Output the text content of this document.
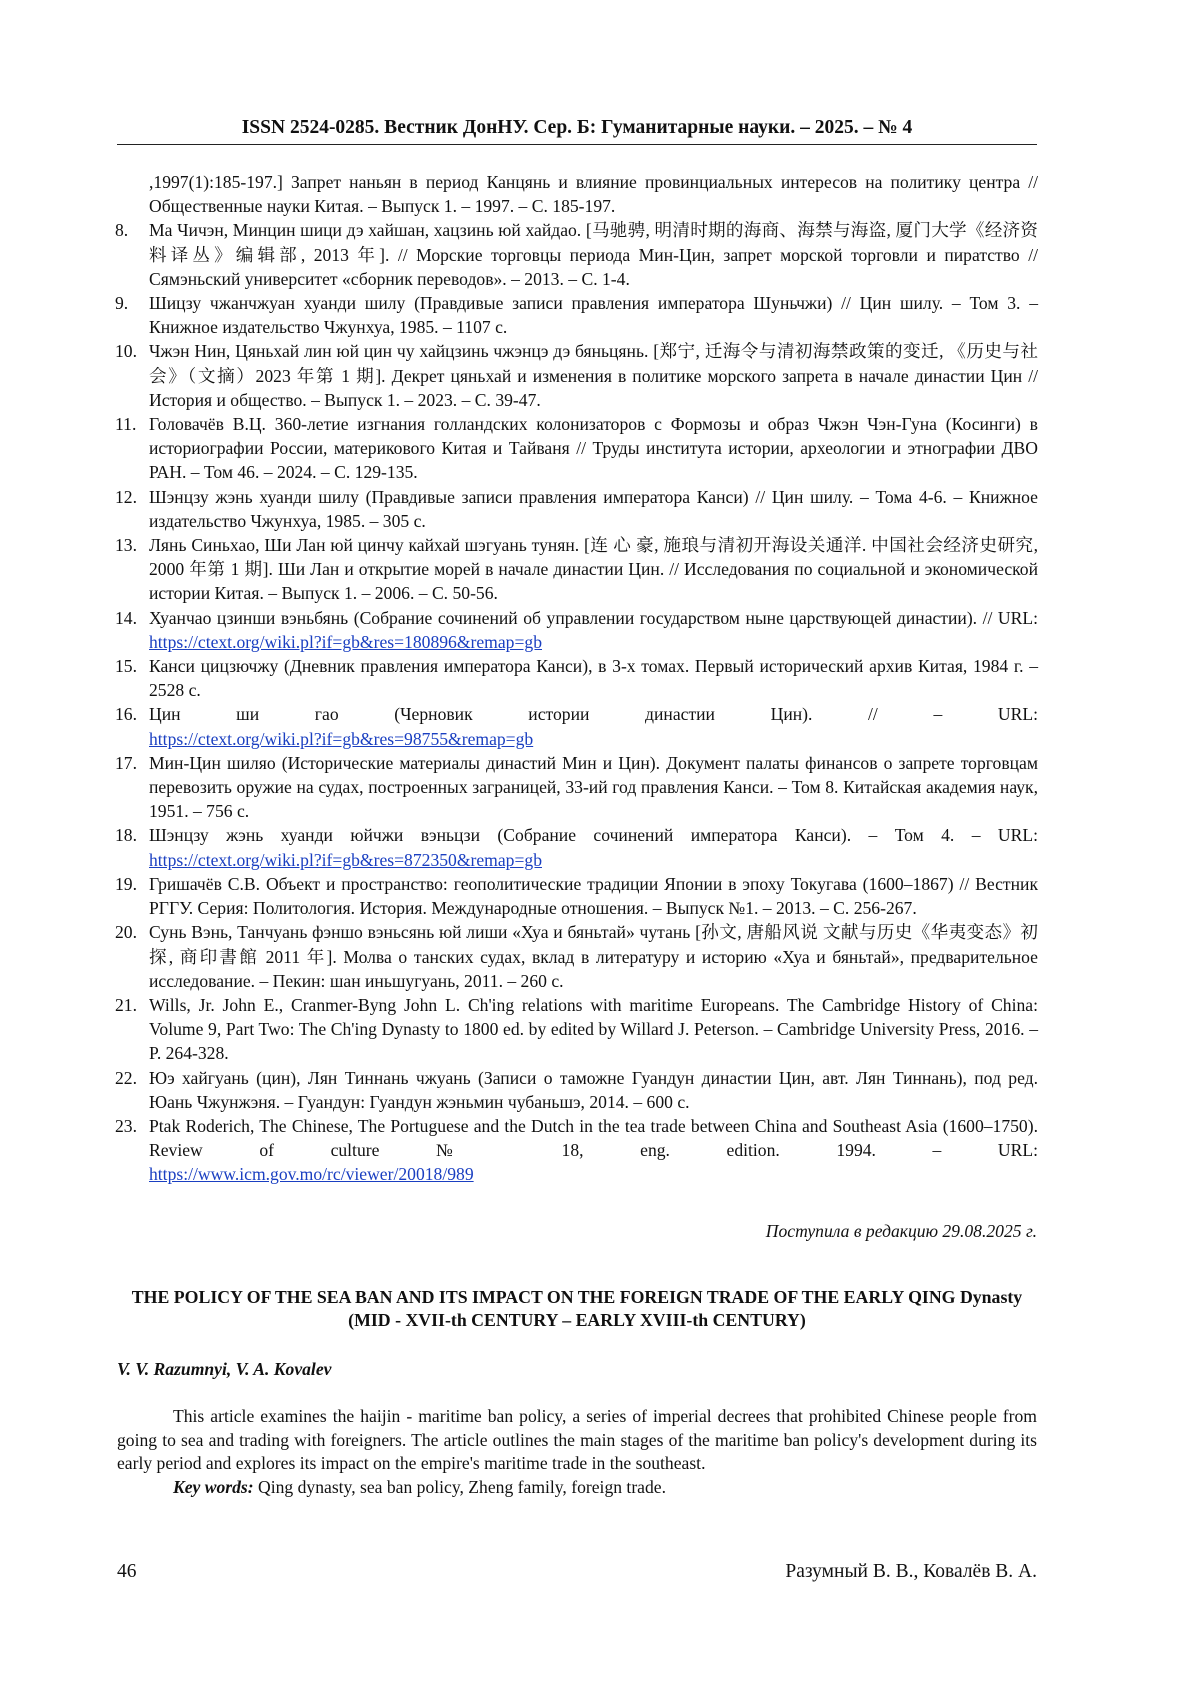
ISSN 2524-0285. Вестник ДонНУ. Сер. Б: Гуманитарные науки. – 2025. – № 4
,1997(1):185-197.] Запрет наньян в период Канцянь и влияние провинциальных интересов на политику центра // Общественные науки Китая. – Выпуск 1. – 1997. – С. 185-197.
8. Ма Чичэн, Минцин шици дэ хайшан, хацзинь юй хайдао. [马驰骋, 明清时期的海商、海禁与海盗, 厦门大学《经济资料译丛》编辑部, 2013 年]. // Морские торговцы периода Мин-Цин, запрет морской торговли и пиратство // Сямэньский университет «сборник переводов». – 2013. – С. 1-4.
9. Шицзу чжанчжуан хуанди шилу (Правдивые записи правления императора Шуньчжи) // Цин шилу. – Том 3. – Книжное издательство Чжунхуа, 1985. – 1107 с.
10. Чжэн Нин, Цяньхай лин юй цин чу хайцзинь чжэнцэ дэ бяньцянь. [郑宁, 迁海令与清初海禁政策的变迁, 《历史与社会》（文摘）2023 年第 1 期]. Декрет цяньхай и изменения в политике морского запрета в начале династии Цин // История и общество. – Выпуск 1. – 2023. – С. 39-47.
11. Головачёв В.Ц. 360-летие изгнания голландских колонизаторов с Формозы и образ Чжэн Чэн-Гуна (Косинги) в историографии России, материкового Китая и Тайваня // Труды института истории, археологии и этнографии ДВО РАН. – Том 46. – 2024. – С. 129-135.
12. Шэнцзу жэнь хуанди шилу (Правдивые записи правления императора Канси) // Цин шилу. – Тома 4-6. – Книжное издательство Чжунхуа, 1985. – 305 с.
13. Лянь Синьхао, Ши Лан юй цинчу кайхай шэгуань тунян. [连 心 豪, 施琅与清初开海设关通洋. 中国社会经济史研究, 2000 年第 1 期]. Ши Лан и открытие морей в начале династии Цин. // Исследования по социальной и экономической истории Китая. – Выпуск 1. – 2006. – С. 50-56.
14. Хуанчао цзинши вэньбянь (Собрание сочинений об управлении государством ныне царствующей династии). // URL: https://ctext.org/wiki.pl?if=gb&res=180896&remap=gb
15. Канси цицзючжу (Дневник правления императора Канси), в 3-х томах. Первый исторический архив Китая, 1984 г. – 2528 с.
16. Цин ши гао (Черновик истории династии Цин). // – URL:
https://ctext.org/wiki.pl?if=gb&res=98755&remap=gb
17. Мин-Цин шиляо (Исторические материалы династий Мин и Цин). Документ палаты финансов о запрете торговцам перевозить оружие на судах, построенных заграницей, 33-ий год правления Канси. – Том 8. Китайская академия наук, 1951. – 756 с.
18. Шэнцзу жэнь хуанди юйчжи вэньцзи (Собрание сочинений императора Канси). – Том 4. – URL: https://ctext.org/wiki.pl?if=gb&res=872350&remap=gb
19. Гришачёв С.В. Объект и пространство: геополитические традиции Японии в эпоху Токугава (1600–1867) // Вестник РГГУ. Серия: Политология. История. Международные отношения. – Выпуск №1. – 2013. – С. 256-267.
20. Сунь Вэнь, Танчуань фэншо вэньсянь юй лиши «Хуа и бяньтай» чутань [孙文, 唐船风说 文献与历史《华夷变态》初探, 商印書館 2011 年]. Молва о танских судах, вклад в литературу и историю «Хуа и бяньтай», предварительное исследование. – Пекин: шан иньшугуань, 2011. – 260 с.
21. Wills, Jr. John E., Cranmer-Byng John L. Ch'ing relations with maritime Europeans. The Cambridge History of China: Volume 9, Part Two: The Ch'ing Dynasty to 1800 ed. by edited by Willard J. Peterson. – Cambridge University Press, 2016. – P. 264-328.
22. Юэ хайгуань (цин), Лян Тиннань чжуань (Записи о таможне Гуандун династии Цин, авт. Лян Тиннань), под ред. Юань Чжунжэня. – Гуандун: Гуандун жэньмин чубаньшэ, 2014. – 600 с.
23. Ptak Roderich, The Chinese, The Portuguese and the Dutch in the tea trade between China and Southeast Asia (1600–1750). Review of culture № 18, eng. edition. 1994. – URL:
https://www.icm.gov.mo/rc/viewer/20018/989
Поступила в редакцию 29.08.2025 г.
THE POLICY OF THE SEA BAN AND ITS IMPACT ON THE FOREIGN TRADE OF THE EARLY QING Dynasty (MID - XVII-th CENTURY – EARLY XVIII-th CENTURY)
V. V. Razumnyi, V. A. Kovalev

This article examines the haijin - maritime ban policy, a series of imperial decrees that prohibited Chinese people from going to sea and trading with foreigners. The article outlines the main stages of the maritime ban policy's development during its early period and explores its impact on the empire's maritime trade in the southeast.

Key words: Qing dynasty, sea ban policy, Zheng family, foreign trade.

46	Разумный В. В., Ковалёв В. А.
